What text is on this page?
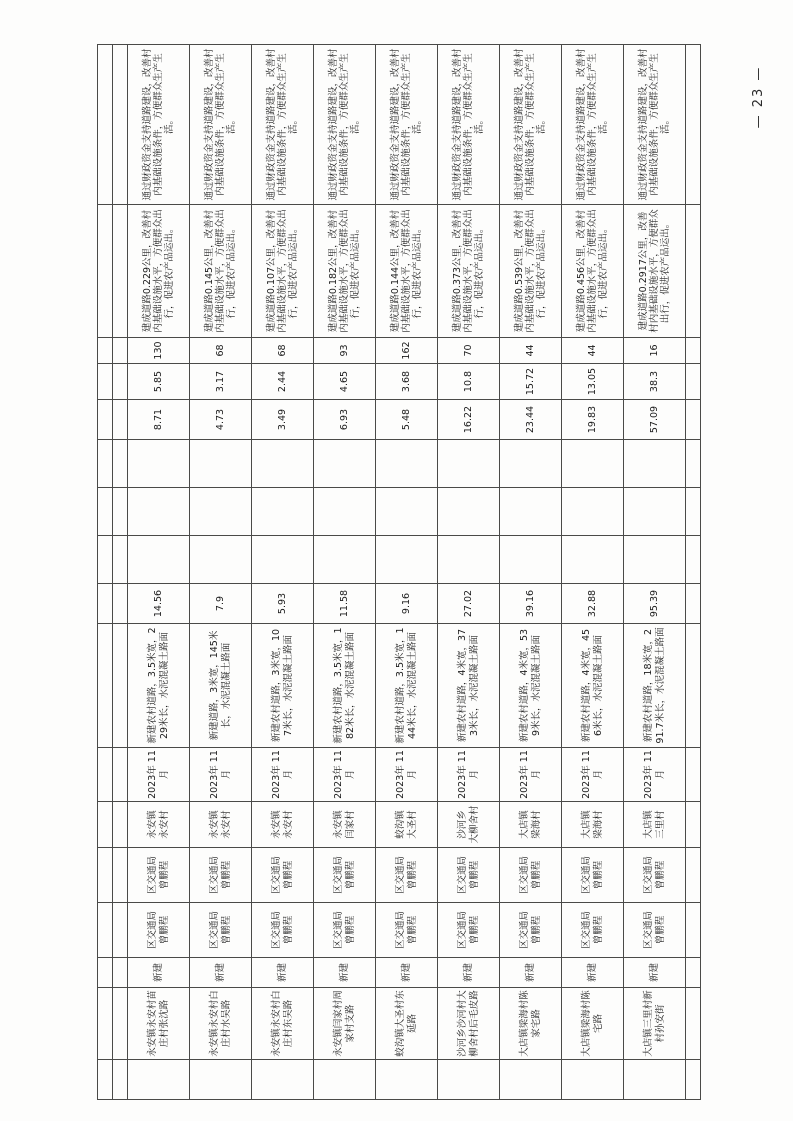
— 23 —

	永安镇永安村苗庄村张沈路	新建	区交通局 曾鹏程	区交通局 曾鹏程	永安镇 永安村	2023年 11月	新建农村道路，3.5米宽，229米长，水泥混凝土路面	14.56				8.71	5.85	130	建成道路0.229公里，改善村内基础设施水平，方便群众出行，促进农产品运出。	通过财政资金支持道路建设，改善村内基础设施条件，方便群众生产生活。
	永安镇永安村白庄村水吴路	新建	区交通局 曾鹏程	区交通局 曾鹏程	永安镇 永安村	2023年 11月	新建道路，3米宽，145米长，水泥混凝土路面	7.9				4.73	3.17	68	建成道路0.145公里，改善村内基础设施水平，方便群众出行，促进农产品运出。	通过财政资金支持道路建设，改善村内基础设施条件，方便群众生产生活。
	永安镇永安村白庄村东吴路	新建	区交通局 曾鹏程	区交通局 曾鹏程	永安镇 永安村	2023年 11月	新建农村道路，3米宽，107米长，水泥混凝土路面	5.93				3.49	2.44	68	建成道路0.107公里，改善村内基础设施水平，方便群众出行，促进农产品运出。	通过财政资金支持道路建设，改善村内基础设施条件，方便群众生产生活。
	永安镇闫家村周家村支路	新建	区交通局 曾鹏程	区交通局 曾鹏程	永安镇 闫家村	2023年 11月	新建农村道路，3.5米宽，182米长，水泥混凝土路面	11.58				6.93	4.65	93	建成道路0.182公里，改善村内基础设施水平，方便群众出行，促进农产品运出。	通过财政资金支持道路建设，改善村内基础设施条件，方便群众生产生活。
	蛟沟镇大圣村东延路	新建	区交通局 曾鹏程	区交通局 曾鹏程	蛟沟镇 大圣村	2023年 11月	新建农村道路，3.5米宽，144米长，水泥混凝土路面	9.16				5.48	3.68	162	建成道路0.144公里，改善村内基础设施水平，方便群众出行，促进农产品运出。	通过财政资金支持道路建设，改善村内基础设施条件，方便群众生产生活。
	沙河乡沙河村大柳舍村后毛皮路	新建	区交通局 曾鹏程	区交通局 曾鹏程	沙河乡 大柳舍村	2023年 11月	新建农村道路，4米宽，373米长，水泥混凝土路面	27.02				16.22	10.8	70	建成道路0.373公里，改善村内基础设施水平，方便群众出行，促进农产品运出。	通过财政资金支持道路建设，改善村内基础设施条件，方便群众生产生活。
	大店镇梁海村陈家宅路	新建	区交通局 曾鹏程	区交通局 曾鹏程	大店镇 梁海村	2023年 11月	新建农村道路，4米宽，539米长，水泥混凝土路面	39.16				23.44	15.72	44	建成道路0.539公里，改善村内基础设施水平，方便群众出行，促进农产品运出。	通过财政资金支持道路建设，改善村内基础设施条件，方便群众生产生活。
	大店镇梁海村陈宅路	新建	区交通局 曾鹏程	区交通局 曾鹏程	大店镇 梁海村	2023年 11月	新建农村道路，4米宽，456米长，水泥混凝土路面	32.88				19.83	13.05	44	建成道路0.456公里，改善村内基础设施水平，方便群众出行，促进农产品运出。	通过财政资金支持道路建设，改善村内基础设施条件，方便群众生产生活。
	大店镇三里村新村孙安街	新建	区交通局 曾鹏程	区交通局 曾鹏程	大店镇 三里村	2023年 11月	新建农村道路，18米宽，291.7米长，水泥混凝土路面	95.39				57.09	38.3	16	建成道路0.2917公里，改善村内基础设施水平，方便群众出行，促进农产品运出。	通过财政资金支持道路建设，改善村内基础设施条件，方便群众生产生活。
